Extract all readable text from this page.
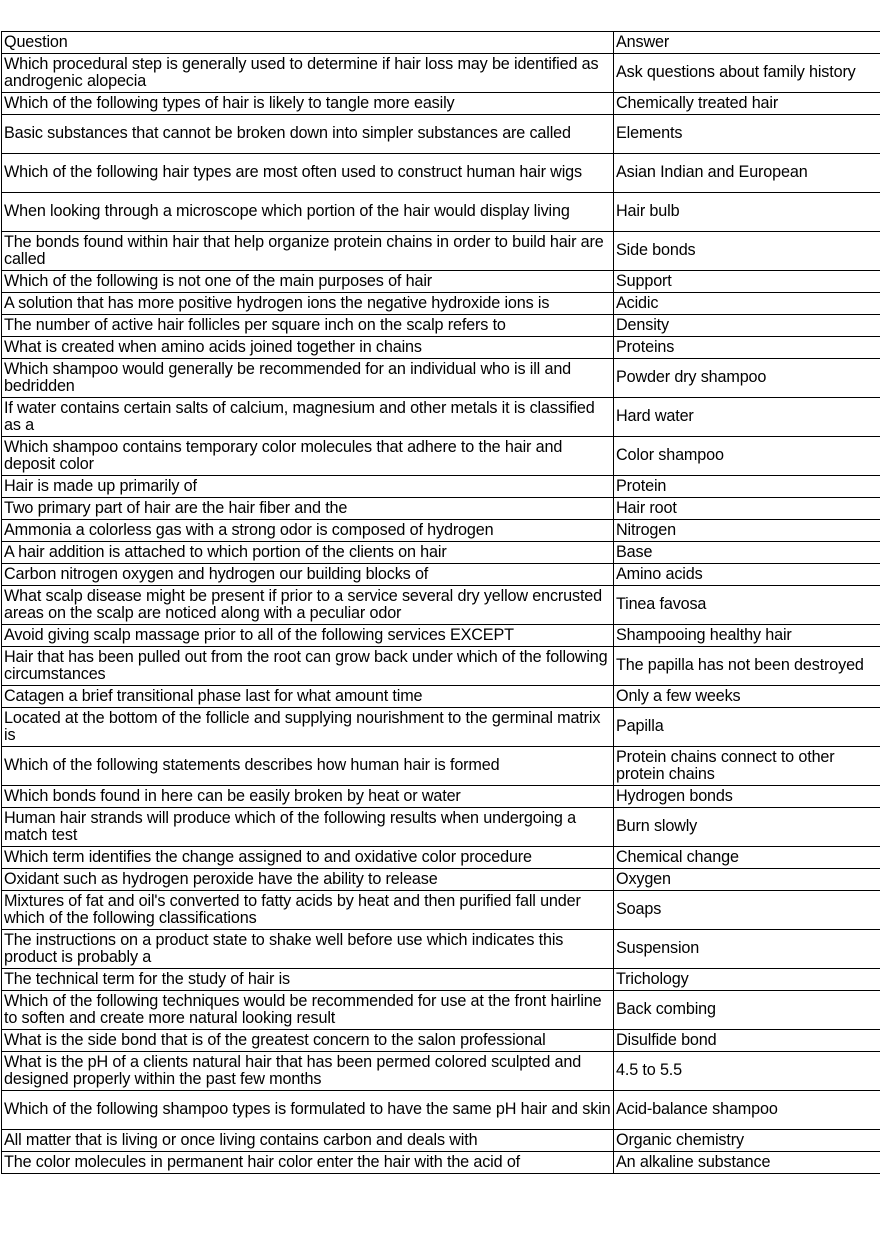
Question	Answer
Which procedural step is generally used to determine if hair loss may be identified as androgenic alopecia	Ask questions about family history
Which of the following types of hair is likely to tangle more easily	Chemically treated hair
Basic substances that cannot be broken down into simpler substances are called	Elements
Which of the following hair types are most often used to construct human hair wigs	Asian Indian and European
When looking through a microscope which portion of the hair would display living	Hair bulb
The bonds found within hair that help organize protein chains in order to build hair are called	Side bonds
Which of the following is not one of the main purposes of hair	Support
A solution that has more positive hydrogen ions the negative hydroxide ions is	Acidic
The number of active hair follicles per square inch on the scalp refers to	Density
What is created when amino acids joined together in chains	Proteins
Which shampoo would generally be recommended for an individual who is ill and bedridden	Powder dry shampoo
If water contains certain salts of calcium, magnesium and other metals it is classified as a	Hard water
Which shampoo contains temporary color molecules that adhere to the hair and deposit color	Color shampoo
Hair is made up primarily of	Protein
Two primary part of hair are the hair fiber and the	Hair root
Ammonia a colorless gas with a strong odor is composed of hydrogen	Nitrogen
A hair addition is attached to which portion of the clients on hair	Base
Carbon nitrogen oxygen and hydrogen our building blocks of	Amino acids
What scalp disease might be present if prior to a service several dry yellow encrusted areas on the scalp are noticed along with a peculiar odor	Tinea favosa
Avoid giving scalp massage prior to all of the following services EXCEPT	Shampooing healthy hair
Hair that has been pulled out from the root can grow back under which of the following circumstances	The papilla has not been destroyed
Catagen a brief transitional phase last for what amount time	Only a few weeks
Located at the bottom of the follicle and supplying nourishment to the germinal matrix is	Papilla
Which of the following statements describes how human hair is formed	Protein chains connect to other protein chains
Which bonds found in here can be easily broken by heat or water	Hydrogen bonds
Human hair strands will produce which of the following results when undergoing a match test	Burn slowly
Which term identifies the change assigned to and oxidative color procedure	Chemical change
Oxidant such as hydrogen peroxide have the ability to release	Oxygen
Mixtures of fat and oil's converted to fatty acids by heat and then purified fall under which of the following classifications	Soaps
The instructions on a product state to shake well before use which indicates this product is probably a	Suspension
The technical term for the study of hair is	Trichology
Which of the following techniques would be recommended for use at the front hairline to soften and create more natural looking result	Back combing
What is the side bond that is of the greatest concern to the salon professional	Disulfide bond
What is the pH of a clients natural hair that has been permed colored sculpted and designed properly within the past few months	4.5 to 5.5
Which of the following shampoo types is formulated to have the same pH hair and skin	Acid-balance shampoo
All matter that is living or once living contains carbon and deals with	Organic chemistry
The color molecules in permanent hair color enter the hair with the acid of	An alkaline substance
